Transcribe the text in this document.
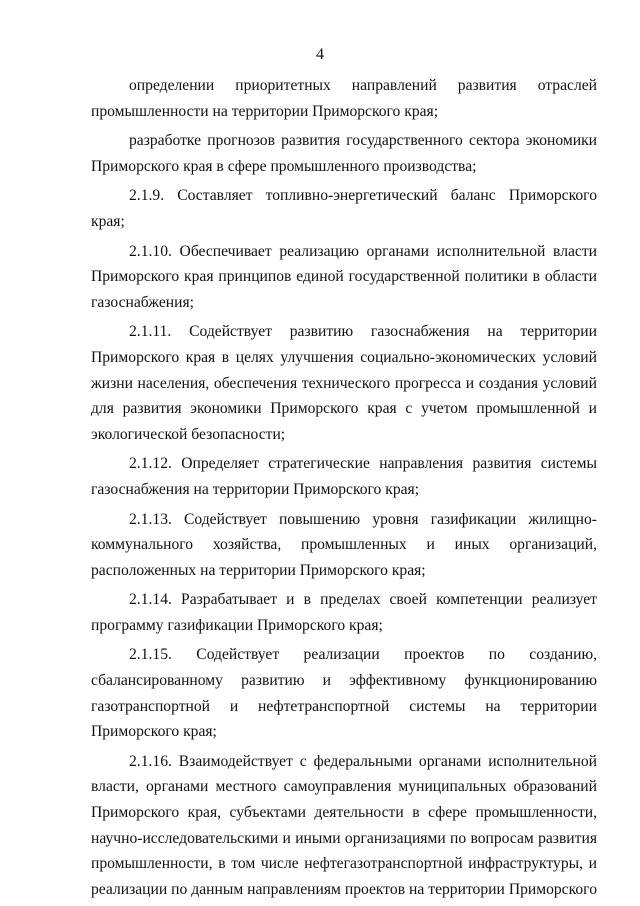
4

определении приоритетных направлений развития отраслей промышленности на территории Приморского края;

разработке прогнозов развития государственного сектора экономики Приморского края в сфере промышленного производства;

2.1.9. Составляет топливно-энергетический баланс Приморского края;

2.1.10. Обеспечивает реализацию органами исполнительной власти Приморского края принципов единой государственной политики в области газоснабжения;

2.1.11. Содействует развитию газоснабжения на территории Приморского края в целях улучшения социально-экономических условий жизни населения, обеспечения технического прогресса и создания условий для развития экономики Приморского края с учетом промышленной и экологической безопасности;

2.1.12. Определяет стратегические направления развития системы газоснабжения на территории Приморского края;

2.1.13. Содействует повышению уровня газификации жилищно-коммунального хозяйства, промышленных и иных организаций, расположенных на территории Приморского края;

2.1.14. Разрабатывает и в пределах своей компетенции реализует программу газификации Приморского края;

2.1.15. Содействует реализации проектов по созданию, сбалансированному развитию и эффективному функционированию газотранспортной и нефтетранспортной системы на территории Приморского края;

2.1.16. Взаимодействует с федеральными органами исполнительной власти, органами местного самоуправления муниципальных образований Приморского края, субъектами деятельности в сфере промышленности, научно-исследовательскими и иными организациями по вопросам развития промышленности, в том числе нефтегазотранспортной инфраструктуры, и реализации по данным направлениям проектов на территории Приморского
